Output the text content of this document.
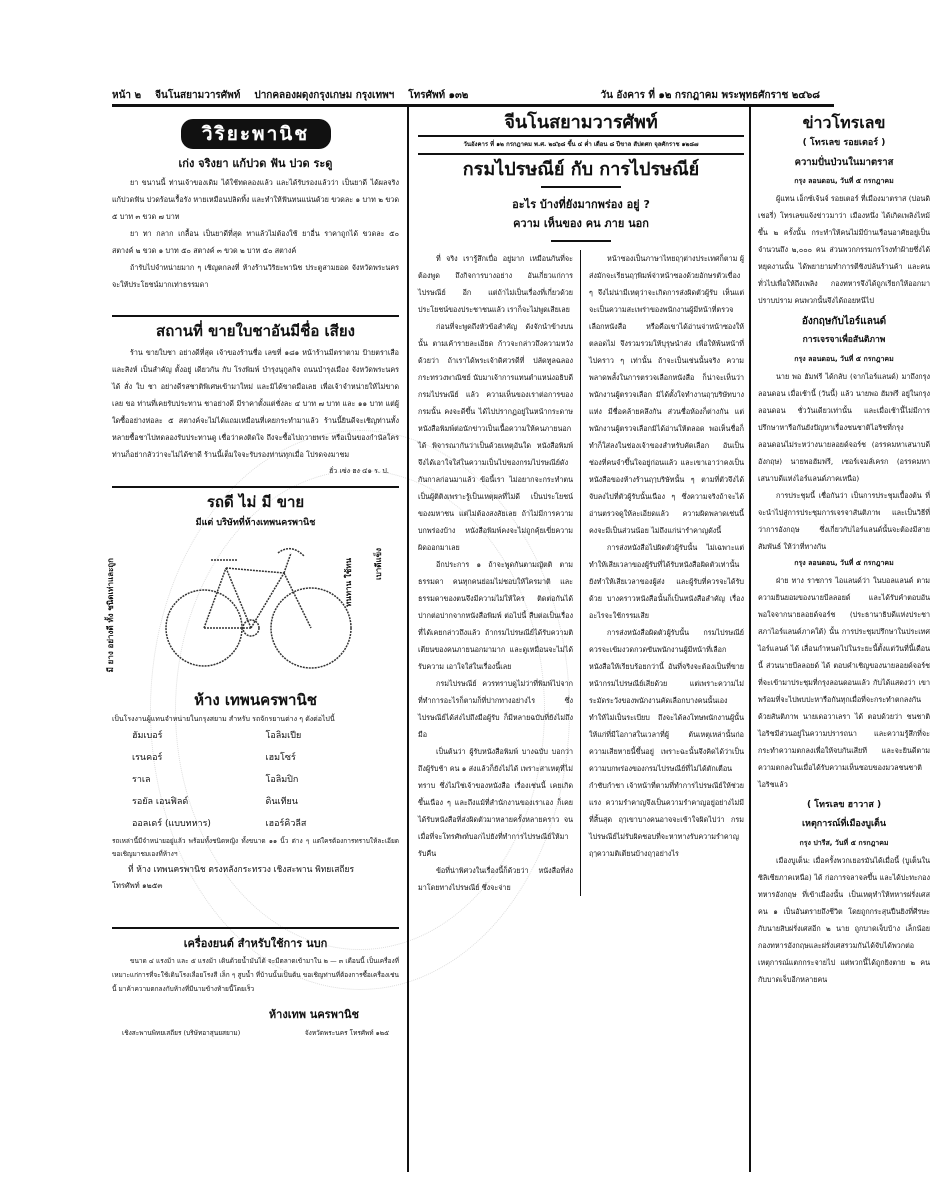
หน้า ๒ จีนโนสยามวารศัพท์ ปากคลองผดุงกรุงเกษม กรุงเทพฯ โทรศัพท์ ๑๓๒	วัน อังคาร ที่ ๑๒ กรกฎาคม พระพุทธศักราช ๒๔๖๘
วิริยะพานิช
เก่ง จริงยา แก้ปวด ฟัน ปวด ระดู

ยา ขนานนี้ ท่านเจ้าของเดิม ได้ใช้ทดลองแล้ว และได้รับรองแล้วว่า เป็นยาดี ได้ผลจริง แก้ปวดฟัน ปวดร้อนเรื้อรัง หายเหมือนปลิดทิ้ง และทำให้ฟันทนแน่นด้วย ขวดละ ๑ บาท ๒ ขวด ๕ บาท ๓ ขวด ๗ บาท

ยา ทา กลาก เกลื้อน เป็นยาดีที่สุด ทาแล้วไม่ต้องใช้ ยาอื่น ราคาถูกได้ ขวดละ ๕๐ สตางค์ ๒ ขวด ๑ บาท ๕๐ สตางค์ ๓ ขวด ๒ บาท ๕๐ สตางค์

ถ้ารับไปจำหน่ายมาก ๆ เชิญตกลงที่ ห้างร้านวิริยะพานิช ประตูสามยอด จังหวัดพระนคร จะให้ประโยชน์มากเท่าธรรมดา

สถานที่ ขายใบชาอันมีชื่อ เสียง

ร้าน ขายใบชา อย่างดีที่สุด เจ้าของร้านชื่อ เลขที่ ๑๘๑ หน้าร้านมีตราตาม ป้ายตราเสือ และสิงห์ เป็นสำคัญ ตั้งอยู่ เดียวกัน กับ โรงพิมพ์ บำรุงนุกูลกิจ ถนนบำรุงเมือง จังหวัดพระนคร ได้ สั่ง ใบ ชา อย่างดีรสชาติพิเศษเข้ามาใหม่ และมิได้ขาดมือเลย เพื่อเจ้าจำหน่ายให้ไม่ขาดเลย ขอ ท่านที่เคยรับประทาน ชาอย่างดี มีราคาตั้งแต่ชั่งละ ๔ บาท ๗ บาท และ ๑๑ บาท แต่ผู้ใดซื้ออย่างห่อละ ๕ สตางค์จะไม่ได้แถมเหมือนที่เคยกระทำมาแล้ว ร้านนี้ยินดีจะเชิญท่านทั้งหลายซื้อชาไปทดลองรับประทานดู เชื่อว่าคงติดใจ ถึงจะซื้อไปถวายพระ หรือเป็นของกำนัลใคร ท่านก็อย่ากลัวว่าจะไม่ได้ชาดี ร้านนี้เต็มใจจะรับรองท่านทุกเมื่อ โปรดจงมาชม

ฮั่ว เซ่ง ฮง ๔๑ ร. ป.
รถดี ไม่ มี ขาย
มีแต่ บริษัทที่ห้างเทพนครพานิช
มี ยาง อย่างดี ทั้ง ชนิดเท่าและถูก	ทนทาน ใช้ทน	เบาดีแข็ง
ห้าง เทพนครพานิช
เป็นโรงงานผู้แทนจำหน่ายในกรุงสยาม สำหรับ รถจักรยานต่าง ๆ ดังต่อไปนี้
ฮัมเบอร์	โอลิมเปีย
เรนคอร์	เฮมโซร์
ราเล	โอลิมปิก
รอยัล เอนฟิลด์	ดินเทียน
ออลเดร์ (แบบทหาร)	เฮอร์คิวลีส
รถเหล่านี้มีจำหน่ายอยู่แล้ว พร้อมทั้งชนิดหญิง ทั้งขนาด ๑๑ นิ้ว ต่าง ๆ แต่ใครต้องการทราบให้ละเอียด ขอเชิญมาชมเองที่ห้างฯ
ที่ ห้าง เทพนครพานิช ตรงหลังกระทรวง เชิงสะพาน พิทยเสถียร
โทรศัพท์ ๑๒๕๓
เครื่องยนต์ สำหรับใช้การ นบก

ขนาด ๔ แรงม้า และ ๕ แรงม้า เดินด้วยน้ำมันได้ จะมีตลาดเข้ามาใน ๒ — ๓ เดือนนี้ เป็นเครื่องที่เหมาะแก่การที่จะใช้เดินโรงเลื่อยโรงสี เล็ก ๆ สูบน้ำ ที่บ้านนั้นเป็นต้น ขอเชิญท่านที่ต้องการซื้อเครื่องเช่นนี้ มาค้าความตกลงกับห้างที่มีนามข้างท้ายนี้โดยเร็ว

ห้างเทพ นครพานิช
เชิงสะพานพิทยเสถียร (บริษัทอาสุนยสยาม)	จังหวัดพระนคร โทรศัพท์ ๑๒๕
จีนโนสยามวารศัพท์
วันอังคาร ที่ ๑๒ กรกฎาคม พ.ศ. ๒๔๖๘ ขึ้น ๔ ค่ำ เดือน ๘ ปีขาล สัปตศก จุลศักราช ๑๒๘๗
กรมไปรษณีย์ กับ การไปรษณีย์
อะไร บ้างที่ยังมากพร่อง อยู่ ?
ความ เห็นของ คน ภาย นอก

ที่ จริง เรารู้สึกเบื่อ อยู่มาก เหมือนกันที่จะต้องพูด ถึงกิจการบางอย่าง อันเกี่ยวแก่การไปรษณีย์ อีก แต่ถ้าไม่เป็นเรื่องที่เกี่ยวด้วยประโยชน์ของประชาชนแล้ว เราก็จะไม่พูดเสียเลย

ก่อนที่จะพูดถึงหัวข้อสำคัญ ดังจักนำข้างบนนั้น ตามเค้ารายละเอียด ก้าวจะกล่าวถึงความหวัง ด้วยว่า ถ้าเราได้พระเจ้าดิศวรดีที่ ปลัดทูลฉลอง กระทรวงพาณิชย์ นับมาเจ้าการแทนตำแหน่งอธิบดีกรมไปรษณีย์ แล้ว ความเห็นของเราต่อการของกรมนั้น คงจะดีขึ้น ได้ไปปรากฏอยู่ในหน้ากระดาษหนังสือพิมพ์ต่อนักข่าวเป็นเนื้อความให้คนภายนอกได้ พิจารณากันว่าเป็นด้วยเหตุอันใด หนังสือพิมพ์จึงได้เอาใจใส่ในความเป็นไปของกรมไปรษณีย์ดังกันกาลก่อนมาแล้ว ข้อนี้เรา ไม่อยากจะกระทำตนเป็นผู้ติติงเพราะรู้เป็นเหตุผลที่ไม่ดี เป็นประโยชน์ของมหาชน แต่ไม่ต้องสงสัยเลย ถ้าไม่มีการความบกพร่องบ้าง หนังสือพิมพ์คงจะไม่ถูกคุ้ยเขี่ยความผิดออกมาเลย

อีกประการ ๑ ถ้าจะพูดกันตามญัตติ ตามธรรมดา คนทุกคนย่อมไม่ชอบให้ใครมาติ และธรรมดาของตนจึงมีความไม่ให้ใคร ติดต่อกันได้ปากต่อปากจากหนังสือพิมพ์ ต่อไปนี้ สืบต่อเป็นเรื่องที่ได้เคยกล่าวถึงแล้ว ถ้ากรมไปรษณีย์ได้รับความติเตียนของคนภายนอกมามาก และดูเหมือนจะไม่ได้รับความ เอาใจใส่ในเรื่องนี้เลย

กรมไปรษณีย์ ควรทราบดูไม่ว่าที่พิมพ์ไปจากที่ทำการอะไรก็ตามก็ที่ปากทางอย่างไร ซึ่งไปรษณีย์ได้ส่งไปถึงมือผู้รับ ก็มีหลายฉบับที่ยังไม่ถึงมือ

เป็นต้นว่า ผู้รับหนังสือพิมพ์ บางฉบับ บอกว่า ถึงผู้รับช้า คน ๑ ส่งแล้วก็ยังไม่ได้ เพราะสาเหตุที่ไม่ทราบ ซึ่งไม่ใช่เจ้าของหนังสือ เรื่องเช่นนี้ เคยเกิดขึ้นเนือง ๆ และถึงแม้ที่สำนักงานของเราเอง ก็เคยได้รับหนังสือที่ส่งผิดตัวมาหลายครั้งหลายคราว จนเมื่อที่จะโทรศัพท์บอกไปยังที่ทำการไปรษณีย์ให้มารับคืน

ข้อที่น่าพิศวงในเรื่องนี้ก็ด้วยว่า หนังสือที่ส่งมาโดยทางไปรษณีย์ ซึ่งจะจ่าย

หน้าซองเป็นภาษาไทยฤๅต่างประเทศก็ตาม ผู้ส่งมักจะเรียนฤๅพิมพ์จ่าหน้าซองด้วยอักษรตัวเขื่อง ๆ จึงไม่น่ามีเหตุว่าจะเกิดการส่งผิดตัวผู้รับ เห็นแต่จะเป็นความสะเพร่าของพนักงานผู้มีหน้าที่ตรวจเลือกหนังสือ หรือคือเขาได้อ่านจ่าหน้าซองให้ตลอดไม่ จึงรวมรวมให้บุรุษนำส่ง เพื่อให้พ้นหน้าที่ไปคราว ๆ เท่านั้น ถ้าจะเป็นเช่นนั้นจริง ความพลาดพลั้งในการตรวจเลือกหนังสือ ก็น่าจะเห็นว่าพนักงานผู้ตรวจเลือก มิได้ตั้งใจทำงานฤๅบริษัทบางแห่ง มีชื่อคล้ายคลึงกัน ส่วนชื่อห้องก็ต่างกัน แต่พนักงานผู้ตรวจเลือกมิได้อ่านให้ตลอด พอเห็นชื่อก็ทำก็ใส่ลงในช่องเจ้าของสำหรับคัดเลือก อันเป็นช่องที่คนจำขึ้นใจอยู่ก่อนแล้ว และเขาเอาว่าคงเป็นหนังสือของห้างร้านฤๅบริษัทนั้น ๆ ตามที่ตัวจึงได้ จับลงไปที่ตัวผู้รับนั้นเนือง ๆ ซึ่งความจริงถ้าจะได้อ่านตรวจดูให้ละเอียดแล้ว ความผิดพลาดเช่นนี้คงจะมีเป็นส่วนน้อย ไม่ถึงแก่น่ารำคาญดังนี้

การส่งหนังสือไปผิดตัวผู้รับนั้น ไม่เฉพาะแต่ทำให้เสียเวลาของผู้รับที่ได้รับหนังสือผิดตัวเท่านั้น ยังทำให้เสียเวลาของผู้ส่ง และผู้รับที่ควรจะได้รับด้วย บางคราวหนังสือนั้นก็เป็นหนังสือสำคัญ เรื่องอะไรจะใช้กรรมเสีย

การส่งหนังสือผิดตัวผู้รับนั้น กรมไปรษณีย์ควรจะเข้มงวดกวดขันพนักงานผู้มีหน้าที่เลือกหนังสือให้เรียบร้อยกว่านี้ อันที่จริงจะต้องเป็นที่ขายหน้ากรมไปรษณีย์เสียด้วย แต่เพราะความไม่ระมัดระวังของพนักงานคัดเลือกบางคนนั้นเอง ทำให้ไม่เป็นระเบียบ ถึงจะได้ลงโทษพนักงานผู้นั้นให้แก่ที่มีโอกาสในเวลาที่ผู้ ต้นเหตุเหล่านั้นก่อ ความเสียหายนี้ขึ้นอยู่ เพราะฉะนั้นจึงคิดได้ว่าเป็นความบกพร่องของกรมไปรษณีย์ที่ไม่ได้ตักเตือน กำชับกำชา เจ้าหน้าที่ตามที่ทำการไปรษณีย์ให้ช่วยแรง ความรำคาญจึงเป็นความรำคาญอยู่อย่างไม่มีที่สิ้นสุด ฤๅเขาบางคนอาจจะเข้าใจผิดไปว่า กรมไปรษณีย์ไม่รับผิดชอบที่จะหาทางรับความรำคาญ ฤๅความติเตียนบ้างฤๅอย่างไร

ข่าวโทรเลข
( โทรเลข รอยเตอร์ )
ความปั่นป่วนในมาตราส
กรุง ลอนดอน, วันที่ ๕ กรกฎาคม

ผู้แทน เอ็กซ์เจ้นจ์ รอยเตอร์ ที่เมืองมาตราส (ปอนดิเชอรี่) โทรเลขแจ้งข่าวมาว่า เมืองหนึ่ง ได้เกิดเพลิงไหม้ขึ้น ๒ ครั้งนั้น กระทำให้คนไม่มีบ้านเรือนอาศัยอยู่เป็นจำนวนถึง ๒,๐๐๐ คน ส่วนพวกกรรมกรโรงทำฝ้ายซึ่งได้หยุดงานนั้น ได้พยายามทำการตีชิงปล้นร้านค้า และคนทั่วไปเพื่อให้ถึงเพลิง กองทหารจึงได้ถูกเรียกให้ออกมาปราบปราม คนพวกนั้นจึงได้ถอยหนีไป

อังกฤษกับไอร์แลนด์
การเจรจาเพื่อสันติภาพ
กรุง ลอนดอน, วันที่ ๕ กรกฎาคม

นาย พอ ฮัมฟรี ได้กลับ (จากไอร์แลนด์) มาถึงกรุงลอนดอน เมื่อเช้านี้ (วันนี้) แล้ว นายพอ ฮัมฟรี อยู่ในกรุงลอนดอน ชั่ววันเดียวเท่านั้น และเมื่อเช้านี้ไม่มีการปรึกษาหารือกันยังปัญหาเรื่องชนชาติไอริชที่กรุงลอนดอนไม่ระหว่างนายลอยด์จอร์ช (อรรคมหาเสนาบดีอังกฤษ) นายพอฮัมฟรี, เซอร์เจมส์เครก (อรรคมหาเสนาบดีแห่งไอร์แลนด์ภาคเหนือ)

การประชุมนี้ เชื่อกันว่า เป็นการประชุมเบื้องต้น ที่จะนำไปสู่การประชุมการเจรจาสันติภาพ และเป็นวิธีที่ว่าการอังกฤษ ซึ่งเกี่ยวกับไอร์แลนด์นั้นจะต้องมีสายสัมพันธ์ ให้ว่าที่ทางกัน

กรุง ลอนดอน, วันที่ ๕ กรกฎาคม

ฝ่าย ทาง ราชการ ไอแลนด์ว่า ในบอลแลนด์ ตามความยินยอมของนายบีลลอยด์ และได้รับคำตอบอันพอใจจากนายลอยด์จอร์ช (ประธานาธิบดีแห่งประชาสภาไอร์แลนด์ภาคใต้) นั้น การประชุมปรึกษาในประเทศไอร์แลนด์ ได้ เลื่อนกำหนดไปในระยะนี้ตั้งแต่วันที่นี้เดือนนี้ ส่วนนายบีลลอยด์ ได้ ตอบคำเชิญของนายลอยด์จอร์ชที่จะเข้ามาประชุมที่กรุงลอนดอนแล้ว กับได้แสดงว่า เขาพร้อมที่จะไปพบปะหารือกันทุกเมื่อที่จะกระทำตกลงกันด้วยสันติภาพ นายเดอวาเลรา ได้ ตอบด้วยว่า ชนชาติไอริชมีส่วนอยู่ในความปรารถนา และความรู้สึกที่จะกระทำความตกลงเพื่อให้จบกันเสียที และจะยินดีตามความตกลงในเมื่อได้รับความเห็นชอบของมวลชนชาติไอริชแล้ว

( โทรเลข ฮาวาส )
เหตุการณ์ที่เมืองบูเต็น
กรุง ปารีส, วันที่ ๕ กรกฎาคม

เมืองบูเต็น: เมื่อครั้งพวกเยอรมันได้เมื่อนี้ (บูเต็นในซิลิเซียภาคเหนือ) ได้ ก่อการจลาจลขึ้น และได้ปะทะกองทหารอังกฤษ ที่เข้าเมืองนั้น เป็นเหตุทำให้ทหารฝรั่งเศสคน ๑ เป็นอันตรายถึงชีวิต โดยถูกกระสุนปืนยิงที่ศีรษะ กับนายสิบฝรั่งเศสอีก ๒ นาย ถูกบาดเจ็บบ้าง เล็กน้อย กองทหารอังกฤษและฝรั่งเศสรวมกันได้จับได้พวกต่อเหตุการณ์แตกกระจายไป แต่พวกนี้ได้ถูกยิงตาย ๒ คน กับบาดเจ็บอีกหลายคน
